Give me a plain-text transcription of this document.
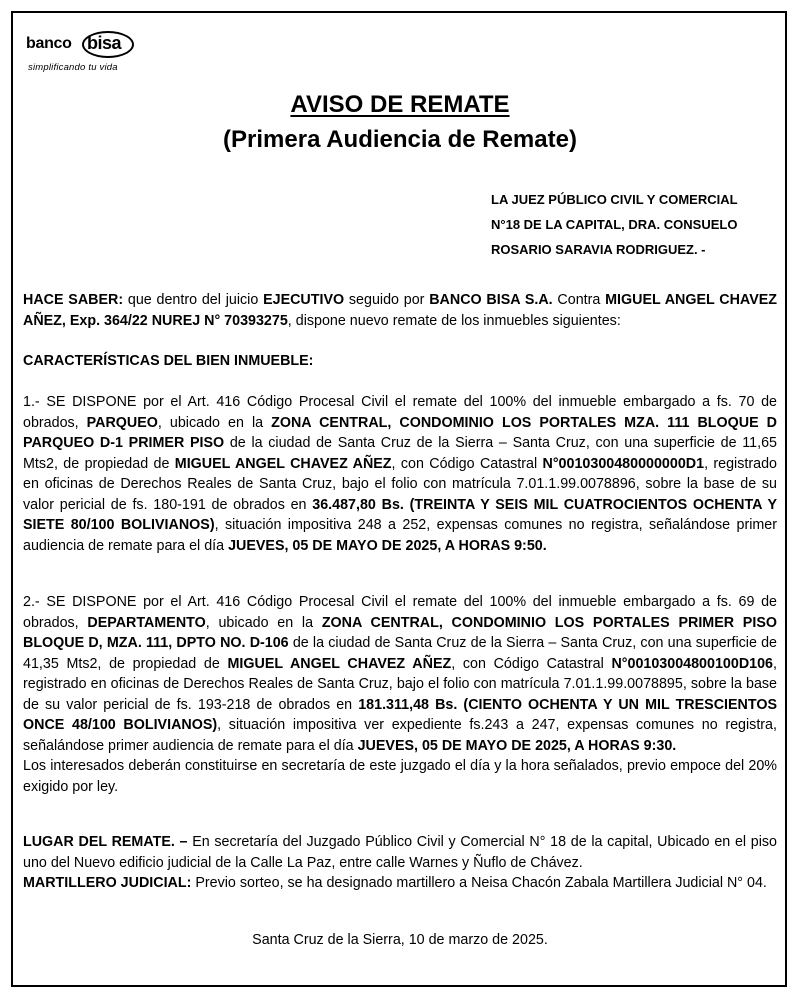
banco bisa
simplificando tu vida
AVISO DE REMATE
(Primera Audiencia de Remate)
LA JUEZ PÚBLICO CIVIL Y COMERCIAL
N°18 DE LA CAPITAL, DRA. CONSUELO
ROSARIO SARAVIA RODRIGUEZ. -
HACE SABER: que dentro del juicio EJECUTIVO seguido por BANCO BISA S.A. Contra MIGUEL ANGEL CHAVEZ AÑEZ, Exp. 364/22 NUREJ N° 70393275, dispone nuevo remate de los inmuebles siguientes:
CARACTERÍSTICAS DEL BIEN INMUEBLE:
1.- SE DISPONE por el Art. 416 Código Procesal Civil el remate del 100% del inmueble embargado a fs. 70 de obrados, PARQUEO, ubicado en la ZONA CENTRAL, CONDOMINIO LOS PORTALES MZA. 111 BLOQUE D PARQUEO D-1 PRIMER PISO de la ciudad de Santa Cruz de la Sierra – Santa Cruz, con una superficie de 11,65 Mts2, de propiedad de MIGUEL ANGEL CHAVEZ AÑEZ, con Código Catastral N°0010300480000000D1, registrado en oficinas de Derechos Reales de Santa Cruz, bajo el folio con matrícula 7.01.1.99.0078896, sobre la base de su valor pericial de fs. 180-191 de obrados en 36.487,80 Bs. (TREINTA Y SEIS MIL CUATROCIENTOS OCHENTA Y SIETE 80/100 BOLIVIANOS), situación impositiva 248 a 252, expensas comunes no registra, señalándose primer audiencia de remate para el día JUEVES, 05 DE MAYO DE 2025, A HORAS 9:50.
2.- SE DISPONE por el Art. 416 Código Procesal Civil el remate del 100% del inmueble embargado a fs. 69 de obrados, DEPARTAMENTO, ubicado en la ZONA CENTRAL, CONDOMINIO LOS PORTALES PRIMER PISO BLOQUE D, MZA. 111, DPTO NO. D-106 de la ciudad de Santa Cruz de la Sierra – Santa Cruz, con una superficie de 41,35 Mts2, de propiedad de MIGUEL ANGEL CHAVEZ AÑEZ, con Código Catastral N°00103004800100D106, registrado en oficinas de Derechos Reales de Santa Cruz, bajo el folio con matrícula 7.01.1.99.0078895, sobre la base de su valor pericial de fs. 193-218 de obrados en 181.311,48 Bs. (CIENTO OCHENTA Y UN MIL TRESCIENTOS ONCE 48/100 BOLIVIANOS), situación impositiva ver expediente fs.243 a 247, expensas comunes no registra, señalándose primer audiencia de remate para el día JUEVES, 05 DE MAYO DE 2025, A HORAS 9:30.
Los interesados deberán constituirse en secretaría de este juzgado el día y la hora señalados, previo empoce del 20% exigido por ley.
LUGAR DEL REMATE. – En secretaría del Juzgado Público Civil y Comercial N° 18 de la capital, Ubicado en el piso uno del Nuevo edificio judicial de la Calle La Paz, entre calle Warnes y Ñuflo de Chávez.
MARTILLERO JUDICIAL: Previo sorteo, se ha designado martillero a Neisa Chacón Zabala Martillera Judicial N° 04.
Santa Cruz de la Sierra, 10 de marzo de 2025.
